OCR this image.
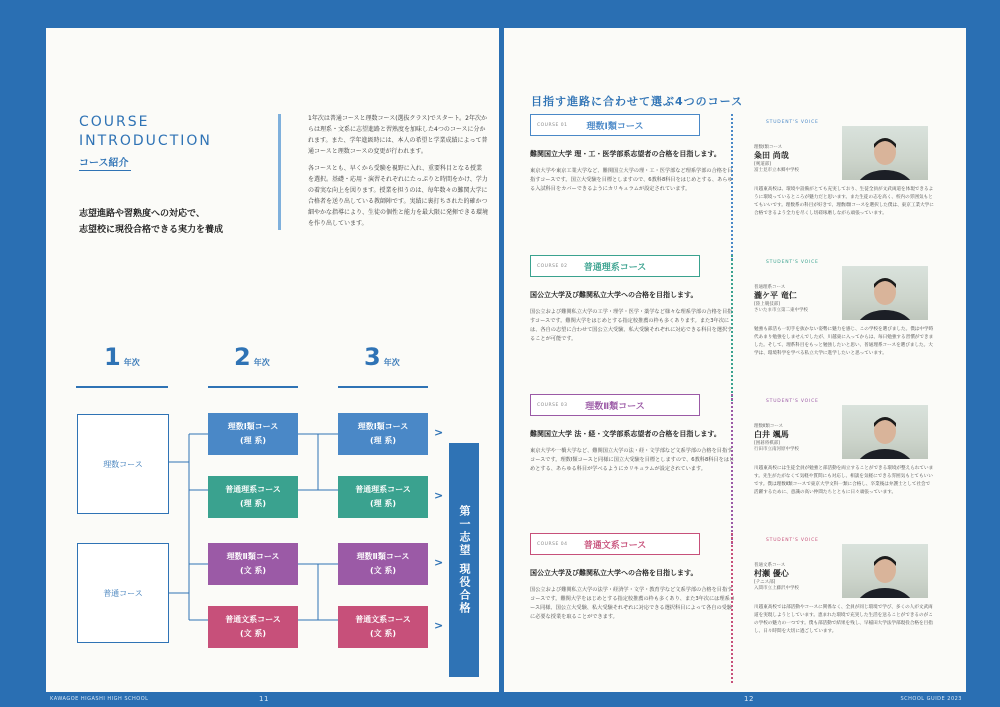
COURSE
INTRODUCTION
コース紹介
志望進路や習熟度への対応で、
志望校に現役合格できる実力を養成

1年次は普通コースと理数コース(選抜クラス)でスタート。2年次からは理系・文系に志望進路と習熟度を加味した4つのコースに分かれます。また、学年進級時には、本人の希望と学業成績によって普通コースと理数コースの変更が行われます。

各コースとも、早くから受験を視野に入れ、重要科目となる授業を選択。基礎・応用・演習それぞれにたっぷりと時間をかけ、学力の着実な向上を図ります。授業を担うのは、毎年数々の難関大学に合格者を送り出している教師陣です。実績に裏打ちされた的確かつ細やかな指導により、生徒の個性と能力を最大限に発揮できる環境を作り出しています。

1 年次	2 年次	3 年次
理数コース
普通コース
理数Ⅰ類コース
(理 系)
普通理系コース
(理 系)
理数Ⅱ類コース
(文 系)
普通文系コース
(文 系)
理数Ⅰ類コース
(理 系)
普通理系コース
(理 系)
理数Ⅱ類コース
(文 系)
普通文系コース
(文 系)
>
>
>
>
第一志望 現役合格
目指す進路に合わせて選ぶ4つのコース
COURSE 01	理数Ⅰ類コース
難関国立大学 理・工・医学部系志望者の合格を目指します。
東京大学や東京工業大学など、難関国立大学の理・工・医学部など理系学部の合格を目指すコースです。国立大受験を目標としますので、6教科8科目をはじめとする、あらゆる入試科目をカバーできるようにカリキュラムが設定されています。
STUDENT'S VOICE
理数Ⅰ類コース
粂田 尚哉
[剣道部]
富士見市立本郷中学校
川越東高校は、環境や設備がとても充実しており、生徒全員が文武両道を体現できるように環境っているところが魅力だと思います。また生徒の志を高く、校内の雰囲気もとてもいいです。理数系の科目が好きで、理数Ⅰ類コースを選択した僕は、東京工業大学に合格できるよう全力を尽くし切磋琢磨しながら頑張っています。
COURSE 02	普通理系コース
国公立大学及び難関私立大学への合格を目指します。
国公立および難関私立大学の工学・理学・医学・薬学など様々な理系学部の合格を目指すコースです。難関大学をはじめとする指定校推薦の枠も多くあります。また3年次には、各自の志望に合わせて国公立大受験、私大受験それぞれに対応できる科目を選択することが可能です。
STUDENT'S VOICE
普通理系コース
瀧ケ平 竜仁
[陸上競技部]
さいたま市立第二東中学校
勉強も部活も一切手を抜かない姿勢に魅力を感じ、この学校を選びました。僕は中学時代あまり勉強をしませんでしたが、川越東に入ってからは、毎日勉強する習慣ができました。そして、理系科目をもっと勉強したいと思い、普通理系コースを選びました。大学は、環境科学を学べる私立大学に進学したいと思っています。
COURSE 03	理数Ⅱ類コース
難関国立大学 法・経・文学部系志望者の合格を目指します。
東京大学や一橋大学など、難関国立大学の法・経・文学部など文系学部の合格を目指すコースです。理数Ⅰ類コースと同様に国立大受験を目標としますので、6教科8科目をはじめとする、あらゆる科目が学べるようにカリキュラムが設定されています。
STUDENT'S VOICE
理数Ⅱ類コース
白井 颯馬
[囲碁将棋部]
行田市立南河原中学校
川越東高校には生徒全員が勉強と部活動を両立することができる環境が整えられています。先生がたがなくて気軽や質問にも対応し、相談を気軽にできる雰囲気もとてもいいです。僕は理数Ⅱ類コースで東京大学文科一類に合格し、卒業後は弁護士として社会で活躍するために、意識の高い仲間たちとともに日々頑張っています。
COURSE 04	普通文系コース
国公立大学及び難関私立大学への合格を目指します。
国公立および難関私立大学の法学・経済学・文学・教育学など文系学部の合格を目指すコースです。難関大学をはじめとする指定校推薦の枠も多くあり、また3年次には理系コース同様、国公立大受験、私大受験それぞれに対応できる選択科目によって各自の受験に必要な授業を取ることができます。
STUDENT'S VOICE
普通文系コース
村瀬 優心
[テニス部]
入間市立上藤沢中学校
川越東高校では部活動やコースに関係なく、全員が同じ環境で学び、多くの人が文武両道を実現しようとしています。恵まれた環境で充実した生活を送ることができるのがこの学校の魅力の一つです。僕も部活動で結果を残し、早稲田大学法学部現役合格を目指し、日々時間を大切に過ごしています。
KAWAGOE HIGASHI HIGH SCHOOL	11	12	SCHOOL GUIDE 2023
